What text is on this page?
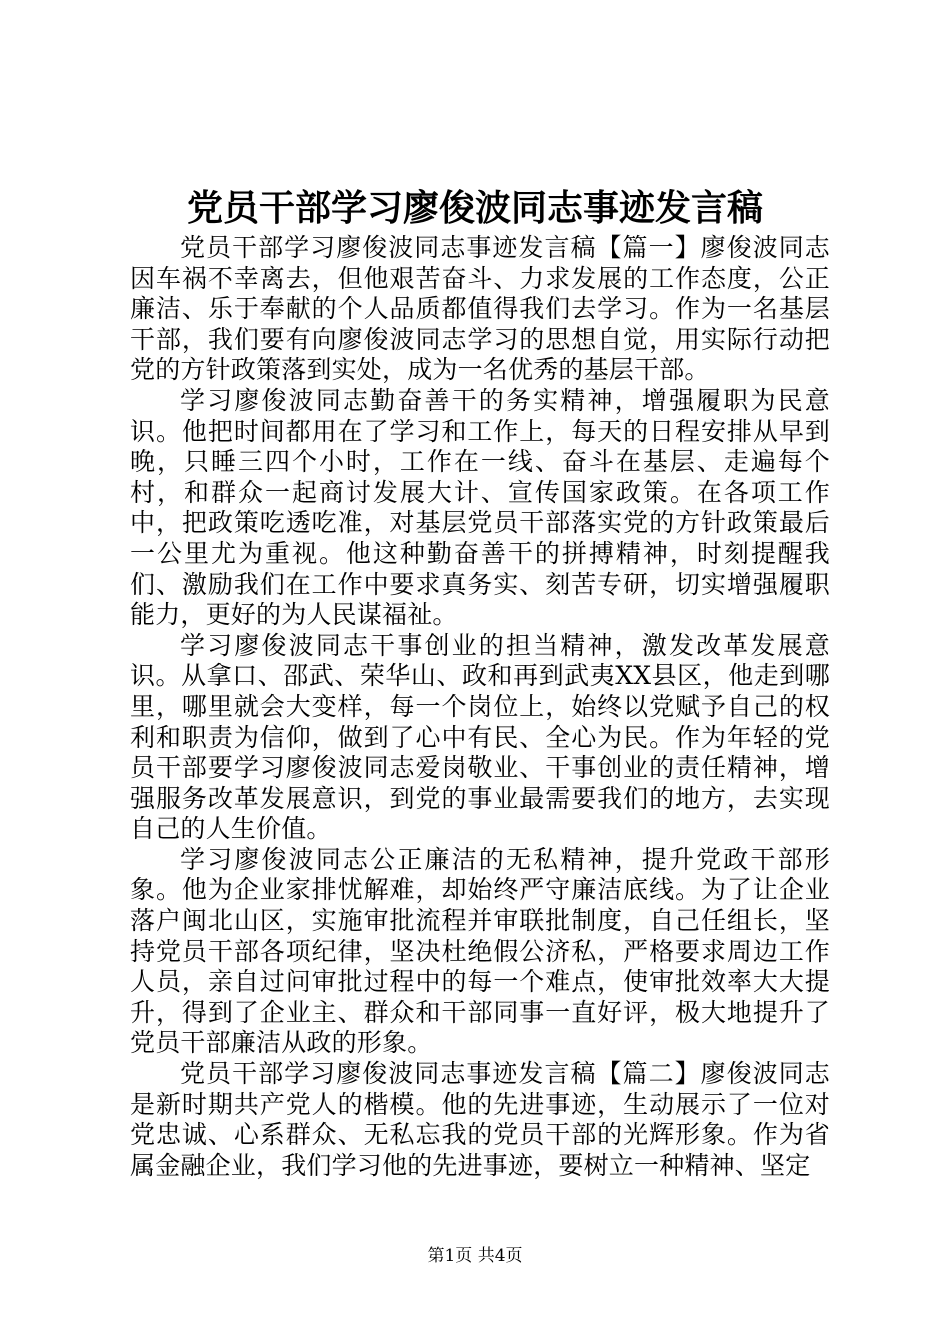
党员干部学习廖俊波同志事迹发言稿

党员干部学习廖俊波同志事迹发言稿【篇一】廖俊波同志因车祸不幸离去，但他艰苦奋斗、力求发展的工作态度，公正廉洁、乐于奉献的个人品质都值得我们去学习。作为一名基层干部，我们要有向廖俊波同志学习的思想自觉，用实际行动把党的方针政策落到实处，成为一名优秀的基层干部。

学习廖俊波同志勤奋善干的务实精神，增强履职为民意识。他把时间都用在了学习和工作上，每天的日程安排从早到晚，只睡三四个小时，工作在一线、奋斗在基层、走遍每个村，和群众一起商讨发展大计、宣传国家政策。在各项工作中，把政策吃透吃准，对基层党员干部落实党的方针政策最后一公里尤为重视。他这种勤奋善干的拼搏精神，时刻提醒我们、激励我们在工作中要求真务实、刻苦专研，切实增强履职能力，更好的为人民谋福祉。

学习廖俊波同志干事创业的担当精神，激发改革发展意识。从拿口、邵武、荣华山、政和再到武夷XX县区，他走到哪里，哪里就会大变样，每一个岗位上，始终以党赋予自己的权利和职责为信仰，做到了心中有民、全心为民。作为年轻的党员干部要学习廖俊波同志爱岗敬业、干事创业的责任精神，增强服务改革发展意识，到党的事业最需要我们的地方，去实现自己的人生价值。

学习廖俊波同志公正廉洁的无私精神，提升党政干部形象。他为企业家排忧解难，却始终严守廉洁底线。为了让企业落户闽北山区，实施审批流程并审联批制度，自己任组长，坚持党员干部各项纪律，坚决杜绝假公济私，严格要求周边工作人员，亲自过问审批过程中的每一个难点，使审批效率大大提升，得到了企业主、群众和干部同事一直好评，极大地提升了党员干部廉洁从政的形象。

党员干部学习廖俊波同志事迹发言稿【篇二】廖俊波同志是新时期共产党人的楷模。他的先进事迹，生动展示了一位对党忠诚、心系群众、无私忘我的党员干部的光辉形象。作为省属金融企业，我们学习他的先进事迹，要树立一种精神、坚定

第1页 共4页
